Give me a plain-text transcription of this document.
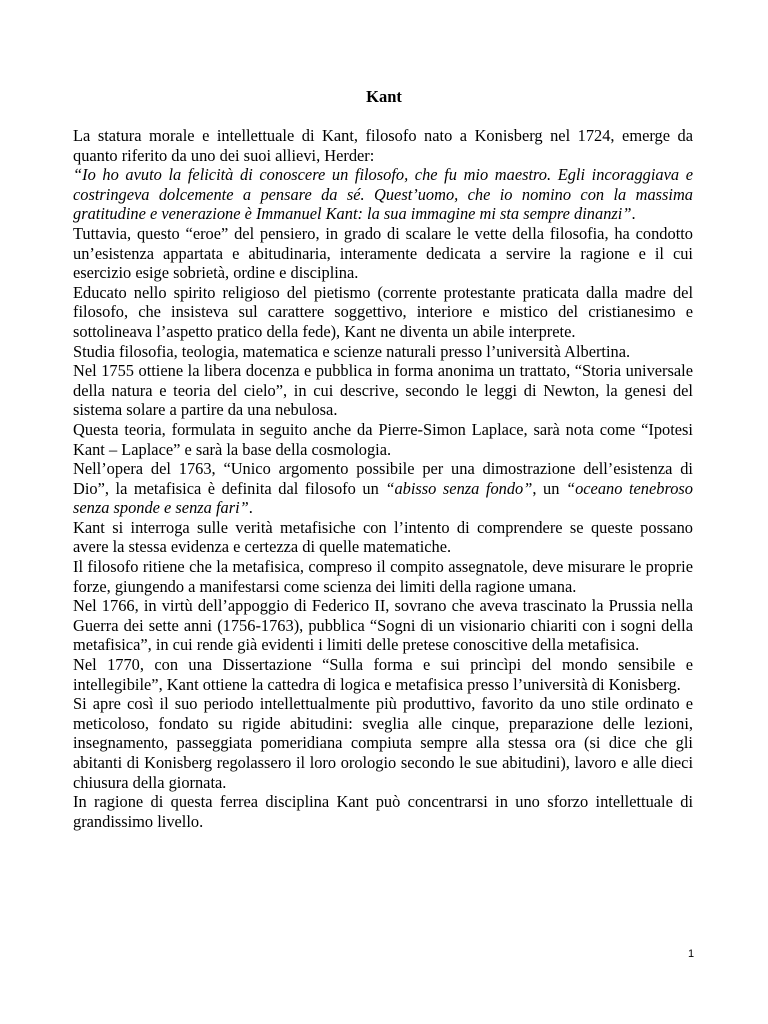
Kant

La statura morale e intellettuale di Kant, filosofo nato a Konisberg nel 1724, emerge da quanto riferito da uno dei suoi allievi, Herder:

“Io ho avuto la felicità di conoscere un filosofo, che fu mio maestro. Egli incoraggiava e costringeva dolcemente a pensare da sé. Quest’uomo, che io nomino con la massima gratitudine e venerazione è Immanuel Kant: la sua immagine mi sta sempre dinanzi”.

Tuttavia, questo “eroe” del pensiero, in grado di scalare le vette della filosofia, ha condotto un’esistenza appartata e abitudinaria, interamente dedicata a servire la ragione e il cui esercizio esige sobrietà, ordine e disciplina.

Educato nello spirito religioso del pietismo (corrente protestante praticata dalla madre del filosofo, che insisteva sul carattere soggettivo, interiore e mistico del cristianesimo e sottolineava l’aspetto pratico della fede), Kant ne diventa un abile interprete.

Studia filosofia, teologia, matematica e scienze naturali presso l’università Albertina.

Nel 1755 ottiene la libera docenza e pubblica in forma anonima un trattato, “Storia universale della natura e teoria del cielo”, in cui descrive, secondo le leggi di Newton, la genesi del sistema solare a partire da una nebulosa.

Questa teoria, formulata in seguito anche da Pierre-Simon Laplace, sarà nota come “Ipotesi Kant – Laplace” e sarà la base della cosmologia.

Nell’opera del 1763, “Unico argomento possibile per una dimostrazione dell’esistenza di Dio”, la metafisica è definita dal filosofo un “abisso senza fondo”, un “oceano tenebroso senza sponde e senza fari”.

Kant si interroga sulle verità metafisiche con l’intento di comprendere se queste possano avere la stessa evidenza e certezza di quelle matematiche.

Il filosofo ritiene che la metafisica, compreso il compito assegnatole, deve misurare le proprie forze, giungendo a manifestarsi come scienza dei limiti della ragione umana.

Nel 1766, in virtù dell’appoggio di Federico II, sovrano che aveva trascinato la Prussia nella Guerra dei sette anni (1756-1763), pubblica “Sogni di un visionario chiariti con i sogni della metafisica”, in cui rende già evidenti i limiti delle pretese conoscitive della metafisica.

Nel 1770, con una Dissertazione “Sulla forma e sui princìpi del mondo sensibile e intellegibile”, Kant ottiene la cattedra di logica e metafisica presso l’università di Konisberg.

Si apre così il suo periodo intellettualmente più produttivo, favorito da uno stile ordinato e meticoloso, fondato su rigide abitudini: sveglia alle cinque, preparazione delle lezioni, insegnamento, passeggiata pomeridiana compiuta sempre alla stessa ora (si dice che gli abitanti di Konisberg regolassero il loro orologio secondo le sue abitudini), lavoro e alle dieci chiusura della giornata.

In ragione di questa ferrea disciplina Kant può concentrarsi in uno sforzo intellettuale di grandissimo livello.

1
